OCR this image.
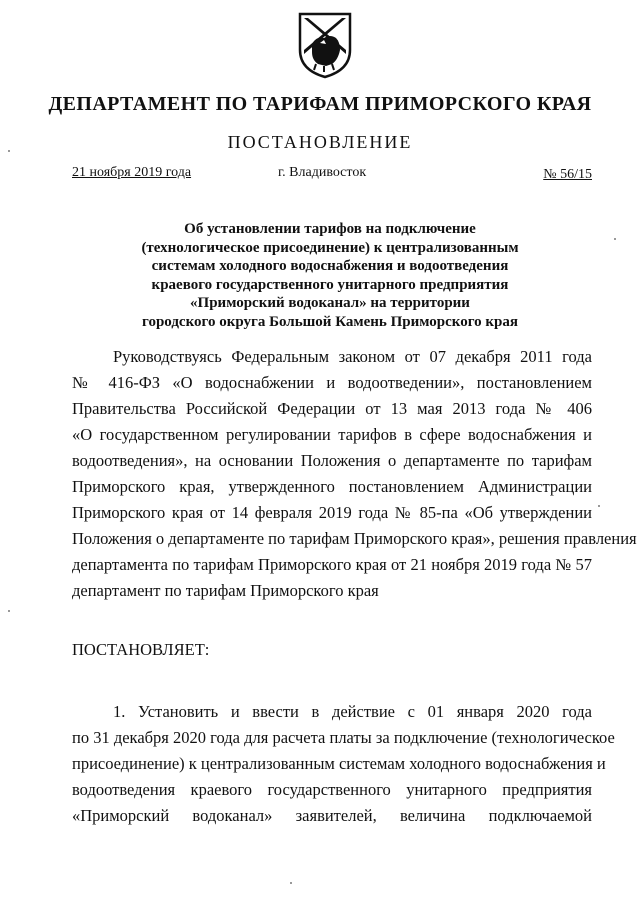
ДЕПАРТАМЕНТ ПО ТАРИФАМ ПРИМОРСКОГО КРАЯ
ПОСТАНОВЛЕНИЕ
21 ноября 2019 года	г. Владивосток	№ 56/15
Об установлении тарифов на подключение
(технологическое присоединение) к централизованным
системам холодного водоснабжения и водоотведения
краевого государственного унитарного предприятия
«Приморский водоканал» на территории
городского округа Большой Камень Приморского края
Руководствуясь Федеральным законом от 07 декабря 2011 года
№ 416-ФЗ «О водоснабжении и водоотведении», постановлением
Правительства Российской Федерации от 13 мая 2013 года № 406
«О государственном регулировании тарифов в сфере водоснабжения и
водоотведения», на основании Положения о департаменте по тарифам
Приморского края, утвержденного постановлением Администрации
Приморского края от 14 февраля 2019 года № 85-па «Об утверждении
Положения о департаменте по тарифам Приморского края», решения правления
департамента по тарифам Приморского края от 21 ноября 2019 года № 57
департамент по тарифам Приморского края
ПОСТАНОВЛЯЕТ:
1. Установить и ввести в действие с 01 января 2020 года
по 31 декабря 2020 года для расчета платы за подключение (технологическое
присоединение) к централизованным системам холодного водоснабжения и
водоотведения краевого государственного унитарного предприятия
«Приморский водоканал» заявителей, величина подключаемой
